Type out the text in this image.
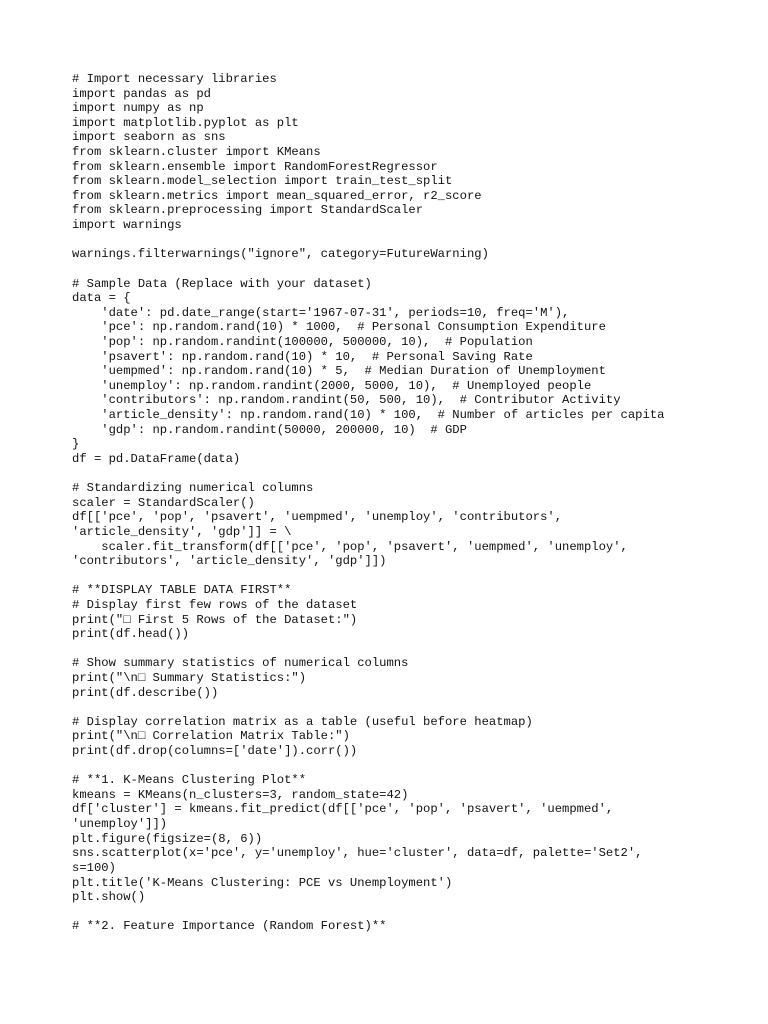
# Import necessary libraries
import pandas as pd
import numpy as np
import matplotlib.pyplot as plt
import seaborn as sns
from sklearn.cluster import KMeans
from sklearn.ensemble import RandomForestRegressor
from sklearn.model_selection import train_test_split
from sklearn.metrics import mean_squared_error, r2_score
from sklearn.preprocessing import StandardScaler
import warnings
warnings.filterwarnings("ignore", category=FutureWarning)
# Sample Data (Replace with your dataset)
data = {
'date': pd.date_range(start='1967-07-31', periods=10, freq='M'),
'pce': np.random.rand(10) * 1000,  # Personal Consumption Expenditure
'pop': np.random.randint(100000, 500000, 10),  # Population
'psavert': np.random.rand(10) * 10,  # Personal Saving Rate
'uempmed': np.random.rand(10) * 5,  # Median Duration of Unemployment
'unemploy': np.random.randint(2000, 5000, 10),  # Unemployed people
'contributors': np.random.randint(50, 500, 10),  # Contributor Activity
'article_density': np.random.rand(10) * 100,  # Number of articles per capita
'gdp': np.random.randint(50000, 200000, 10)  # GDP
}
df = pd.DataFrame(data)
# Standardizing numerical columns
scaler = StandardScaler()
df[['pce', 'pop', 'psavert', 'uempmed', 'unemploy', 'contributors',
'article_density', 'gdp']] = \
scaler.fit_transform(df[['pce', 'pop', 'psavert', 'uempmed', 'unemploy',
'contributors', 'article_density', 'gdp']])
# **DISPLAY TABLE DATA FIRST**
# Display first few rows of the dataset
print("□ First 5 Rows of the Dataset:")
print(df.head())
# Show summary statistics of numerical columns
print("\n□ Summary Statistics:")
print(df.describe())
# Display correlation matrix as a table (useful before heatmap)
print("\n□ Correlation Matrix Table:")
print(df.drop(columns=['date']).corr())
# **1. K-Means Clustering Plot**
kmeans = KMeans(n_clusters=3, random_state=42)
df['cluster'] = kmeans.fit_predict(df[['pce', 'pop', 'psavert', 'uempmed',
'unemploy']])
plt.figure(figsize=(8, 6))
sns.scatterplot(x='pce', y='unemploy', hue='cluster', data=df, palette='Set2',
s=100)
plt.title('K-Means Clustering: PCE vs Unemployment')
plt.show()
# **2. Feature Importance (Random Forest)**
